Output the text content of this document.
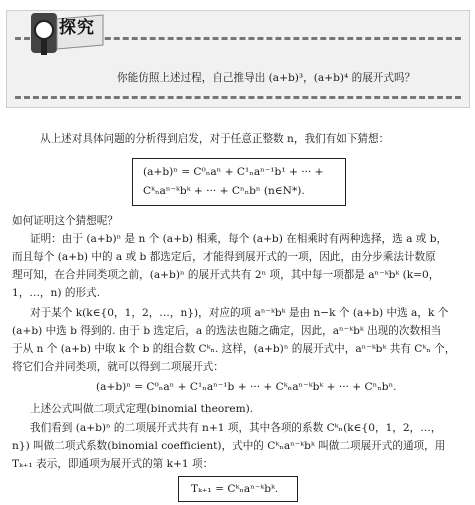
探究
你能仿照上述过程，自己推导出 (a+b)³，(a+b)⁴ 的展开式吗？
从上述对具体问题的分析得到启发，对于任意正整数 n，我们有如下猜想：
(a+b)ⁿ = C⁰ₙaⁿ + C¹ₙaⁿ⁻¹b¹ + ··· +
Cᵏₙaⁿ⁻ᵏbᵏ + ··· + Cⁿₙbⁿ (n∈N*).
如何证明这个猜想呢？
证明：由于 (a+b)ⁿ 是 n 个 (a+b) 相乘，每个 (a+b) 在相乘时有两种选择，选 a 或 b，
而且每个 (a+b) 中的 a 或 b 都选定后，才能得到展开式的一项，因此，由分步乘法计数原
理可知，在合并同类项之前，(a+b)ⁿ 的展开式共有 2ⁿ 项，其中每一项都是 aⁿ⁻ᵏbᵏ (k=0，
1，…，n) 的形式.
对于某个 k(k∈{0，1，2，…，n})，对应的项 aⁿ⁻ᵏbᵏ 是由 n−k 个 (a+b) 中选 a，k 个
(a+b) 中选 b 得到的. 由于 b 选定后，a 的选法也随之确定，因此，aⁿ⁻ᵏbᵏ 出现的次数相当
于从 n 个 (a+b) 中取 k 个 b 的组合数 Cᵏₙ. 这样，(a+b)ⁿ 的展开式中，aⁿ⁻ᵏbᵏ 共有 Cᵏₙ 个，
将它们合并同类项，就可以得到二项展开式：
(a+b)ⁿ = C⁰ₙaⁿ + C¹ₙaⁿ⁻¹b + ··· + Cᵏₙaⁿ⁻ᵏbᵏ + ··· + Cⁿₙbⁿ.
上述公式叫做二项式定理(binomial theorem).
我们看到 (a+b)ⁿ 的二项展开式共有 n+1 项，其中各项的系数 Cᵏₙ(k∈{0，1，2，…，
n}) 叫做二项式系数(binomial coefficient)，式中的 Cᵏₙaⁿ⁻ᵏbᵏ 叫做二项展开式的通项，用
Tₖ₊₁ 表示，即通项为展开式的第 k+1 项：
Tₖ₊₁ = Cᵏₙaⁿ⁻ᵏbᵏ.
